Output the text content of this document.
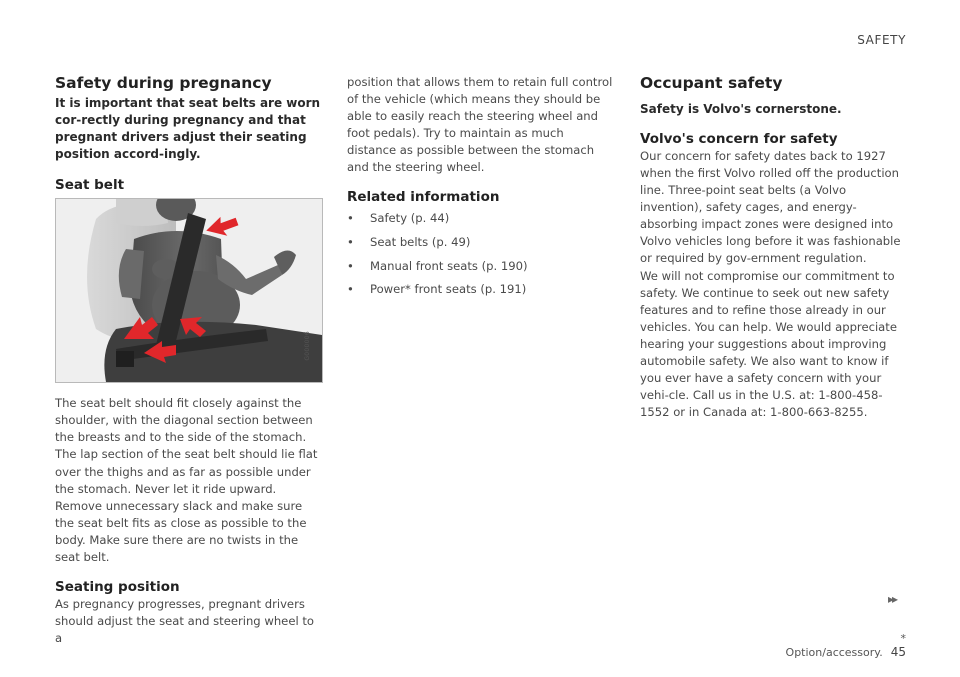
SAFETY
Safety during pregnancy

It is important that seat belts are worn cor-rectly during pregnancy and that pregnant drivers adjust their seating position accord-ingly.

Seat belt
G000006

The seat belt should fit closely against the shoulder, with the diagonal section between the breasts and to the side of the stomach.

The lap section of the seat belt should lie flat over the thighs and as far as possible under the stomach. Never let it ride upward. Remove unnecessary slack and make sure the seat belt fits as close as possible to the body. Make sure there are no twists in the seat belt.

Seating position

As pregnancy progresses, pregnant drivers should adjust the seat and steering wheel to a

position that allows them to retain full control of the vehicle (which means they should be able to easily reach the steering wheel and foot pedals). Try to maintain as much distance as possible between the stomach and the steering wheel.

Related information
• Safety (p. 44)
• Seat belts (p. 49)
• Manual front seats (p. 190)
• Power* front seats (p. 191)
Occupant safety

Safety is Volvo's cornerstone.

Volvo's concern for safety

Our concern for safety dates back to 1927 when the first Volvo rolled off the production line. Three-point seat belts (a Volvo invention), safety cages, and energy-absorbing impact zones were designed into Volvo vehicles long before it was fashionable or required by gov-ernment regulation.

We will not compromise our commitment to safety. We continue to seek out new safety features and to refine those already in our vehicles. You can help. We would appreciate hearing your suggestions about improving automobile safety. We also want to know if you ever have a safety concern with your vehi-cle. Call us in the U.S. at: 1-800-458-1552 or in Canada at: 1-800-663-8255.

▸▸
* Option/accessory. 45
